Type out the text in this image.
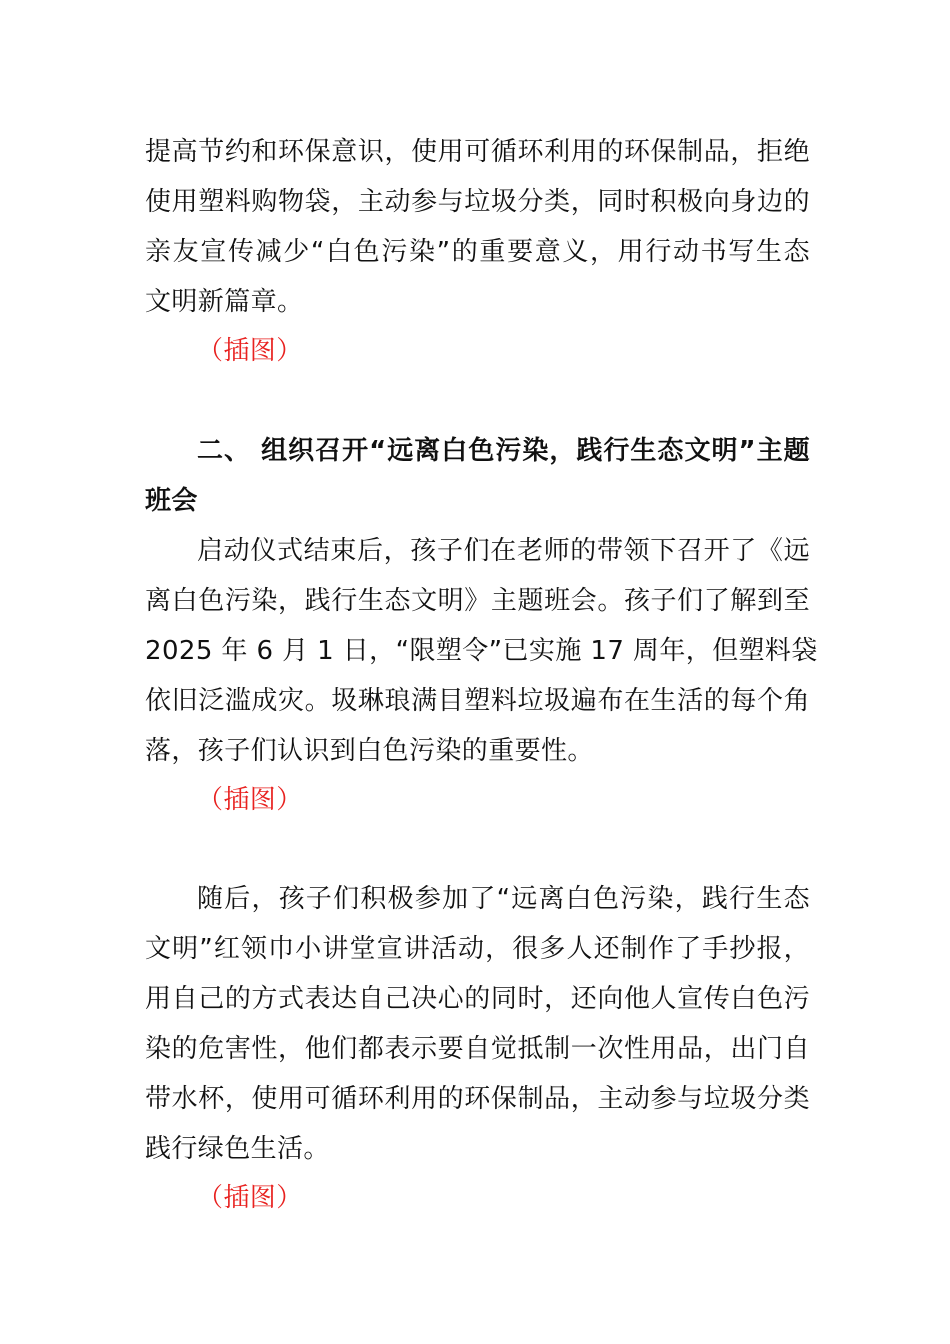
提高节约和环保意识，使用可循环利用的环保制品，拒绝
使用塑料购物袋，主动参与垃圾分类，同时积极向身边的
亲友宣传减少“白色污染”的重要意义，用行动书写生态
文明新篇章。
（插图）
二、 组织召开“远离白色污染，践行生态文明”主题
班会
启动仪式结束后，孩子们在老师的带领下召开了《远
离白色污染，践行生态文明》主题班会。孩子们了解到至
2025 年 6 月 1 日，“限塑令”已实施 17 周年，但塑料袋
依旧泛滥成灾。圾琳琅满目塑料垃圾遍布在生活的每个角
落，孩子们认识到白色污染的重要性。
（插图）
随后，孩子们积极参加了“远离白色污染，践行生态
文明”红领巾小讲堂宣讲活动，很多人还制作了手抄报，
用自己的方式表达自己决心的同时，还向他人宣传白色污
染的危害性，他们都表示要自觉抵制一次性用品，出门自
带水杯，使用可循环利用的环保制品，主动参与垃圾分类
践行绿色生活。
（插图）
